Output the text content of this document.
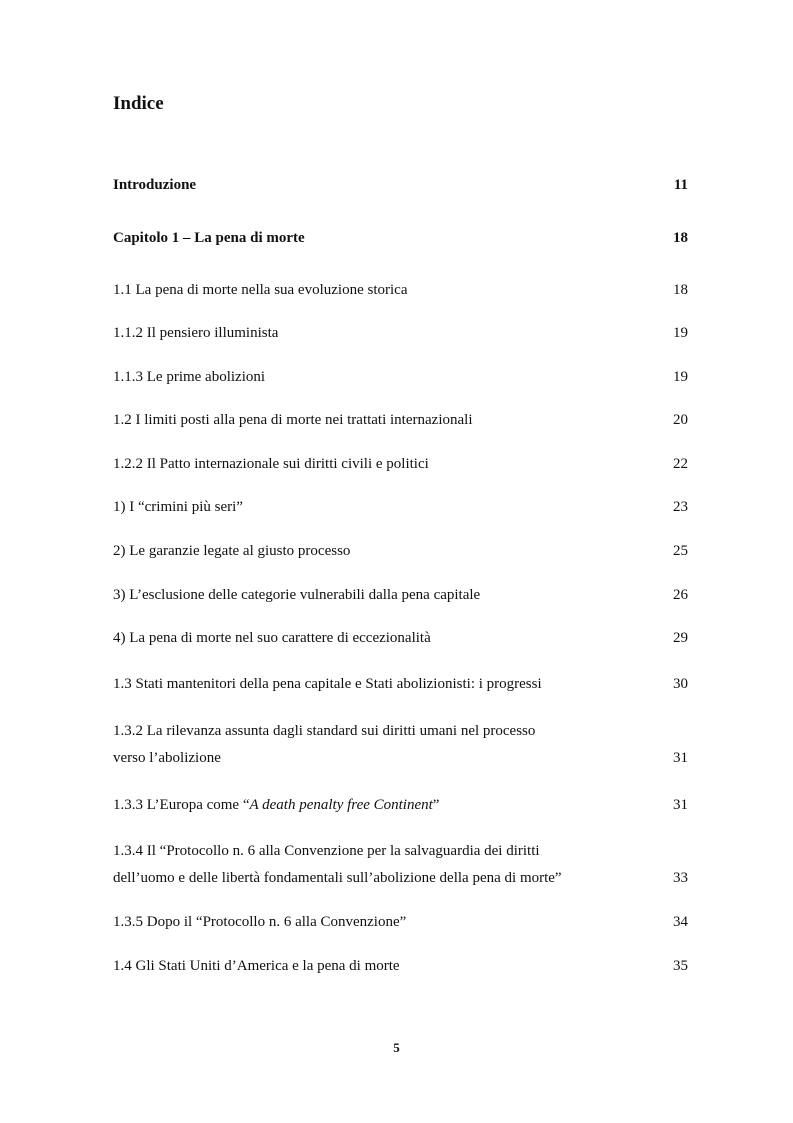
Indice
Introduzione	11
Capitolo 1 – La pena di morte	18
1.1 La pena di morte nella sua evoluzione storica	18
1.1.2 Il pensiero illuminista	19
1.1.3 Le prime abolizioni	19
1.2 I limiti posti alla pena di morte nei trattati internazionali	20
1.2.2 Il Patto internazionale sui diritti civili e politici	22
1) I “crimini più seri”	23
2) Le garanzie legate al giusto processo	25
3) L’esclusione delle categorie vulnerabili dalla pena capitale	26
4) La pena di morte nel suo carattere di eccezionalità	29
1.3 Stati mantenitori della pena capitale e Stati abolizionisti: i progressi	30
1.3.2 La rilevanza assunta dagli standard sui diritti umani nel processo
verso l’abolizione	31
1.3.3 L’Europa come “A death penalty free Continent”	31
1.3.4 Il “Protocollo n. 6 alla Convenzione per la salvaguardia dei diritti
dell’uomo e delle libertà fondamentali sull’abolizione della pena di morte”	33
1.3.5 Dopo il “Protocollo n. 6 alla Convenzione”	34
1.4 Gli Stati Uniti d’America e la pena di morte	35
5
